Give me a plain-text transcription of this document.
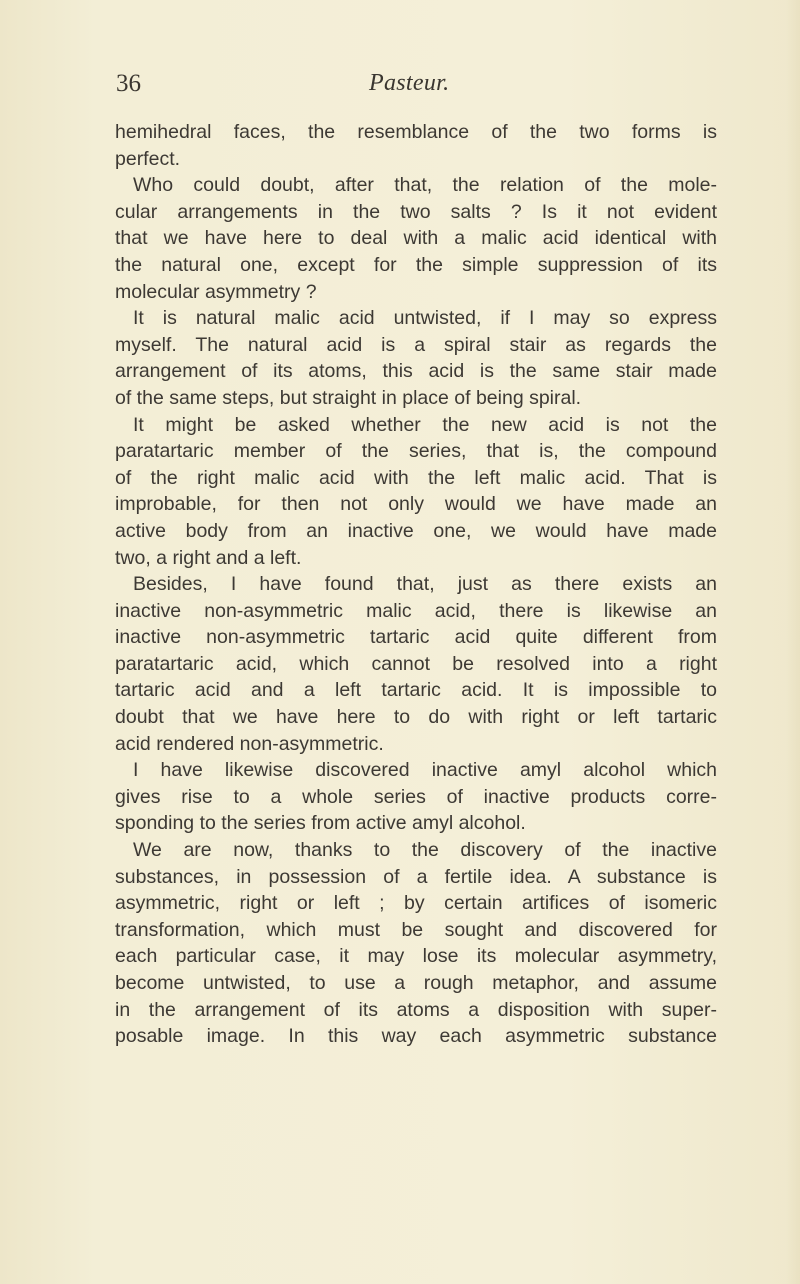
36	Pasteur.
hemihedral faces, the resemblance of the two forms is
perfect.
Who could doubt, after that, the relation of the mole-
cular arrangements in the two salts ? Is it not evident
that we have here to deal with a malic acid identical with
the natural one, except for the simple suppression of its
molecular asymmetry ?
It is natural malic acid untwisted, if I may so express
myself. The natural acid is a spiral stair as regards the
arrangement of its atoms, this acid is the same stair made
of the same steps, but straight in place of being spiral.
It might be asked whether the new acid is not the
paratartaric member of the series, that is, the compound
of the right malic acid with the left malic acid. That is
improbable, for then not only would we have made an
active body from an inactive one, we would have made
two, a right and a left.
Besides, I have found that, just as there exists an
inactive non-asymmetric malic acid, there is likewise an
inactive non-asymmetric tartaric acid quite different from
paratartaric acid, which cannot be resolved into a right
tartaric acid and a left tartaric acid. It is impossible to
doubt that we have here to do with right or left tartaric
acid rendered non-asymmetric.
I have likewise discovered inactive amyl alcohol which
gives rise to a whole series of inactive products corre-
sponding to the series from active amyl alcohol.
We are now, thanks to the discovery of the inactive
substances, in possession of a fertile idea. A substance is
asymmetric, right or left ; by certain artifices of isomeric
transformation, which must be sought and discovered for
each particular case, it may lose its molecular asymmetry,
become untwisted, to use a rough metaphor, and assume
in the arrangement of its atoms a disposition with super-
posable image. In this way each asymmetric substance
